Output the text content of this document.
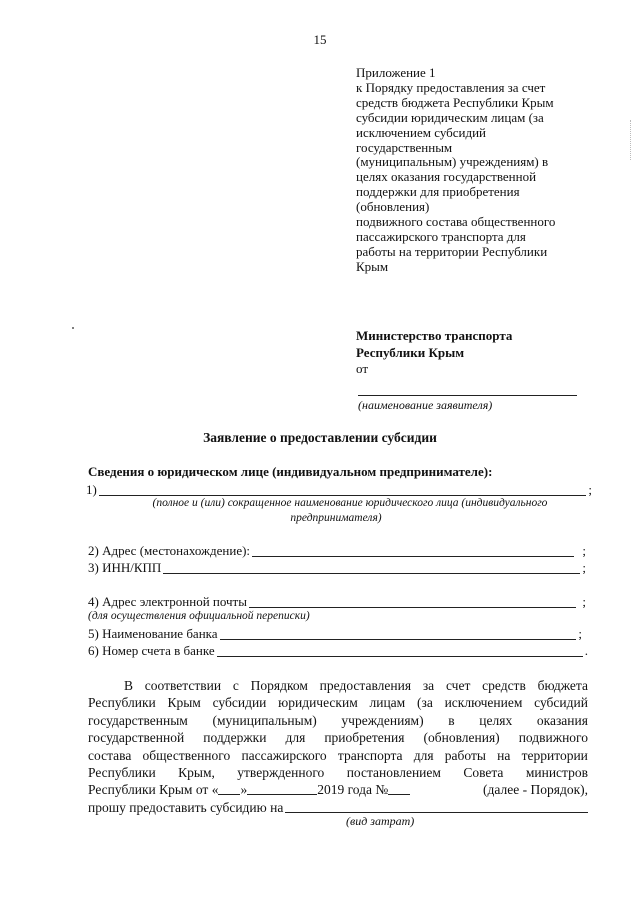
15
Приложение 1
к Порядку предоставления за счет
средств бюджета Республики Крым
субсидии юридическим лицам (за
исключением субсидий
государственным
(муниципальным) учреждениям) в
целях оказания государственной
поддержки для приобретения
(обновления)
подвижного состава общественного
пассажирского транспорта для
работы на территории Республики
Крым
Министерство транспорта
Республики Крым
от
(наименование заявителя)
Заявление о предоставлении субсидии
Сведения о юридическом лице (индивидуальном предпринимателе):
1)	;
(полное и (или) сокращенное наименование юридического лица (индивидуального
предпринимателя)
2) Адрес (местонахождение):	;
3) ИНН/КПП	;
4) Адрес электронной почты	;
(для осуществления официальной переписки)
5) Наименование банка	;
6) Номер счета в банке	.
В соответствии с Порядком предоставления за счет средств бюджета
Республики Крым субсидии юридическим лицам (за исключением субсидий
государственным (муниципальным) учреждениям) в целях оказания
государственной поддержки для приобретения (обновления) подвижного
состава общественного пассажирского транспорта для работы на территории
Республики Крым, утвержденного постановлением Совета министров
Республики Крым от « »	2019 года №	(далее - Порядок),
прошу предоставить субсидию на
(вид затрат)
